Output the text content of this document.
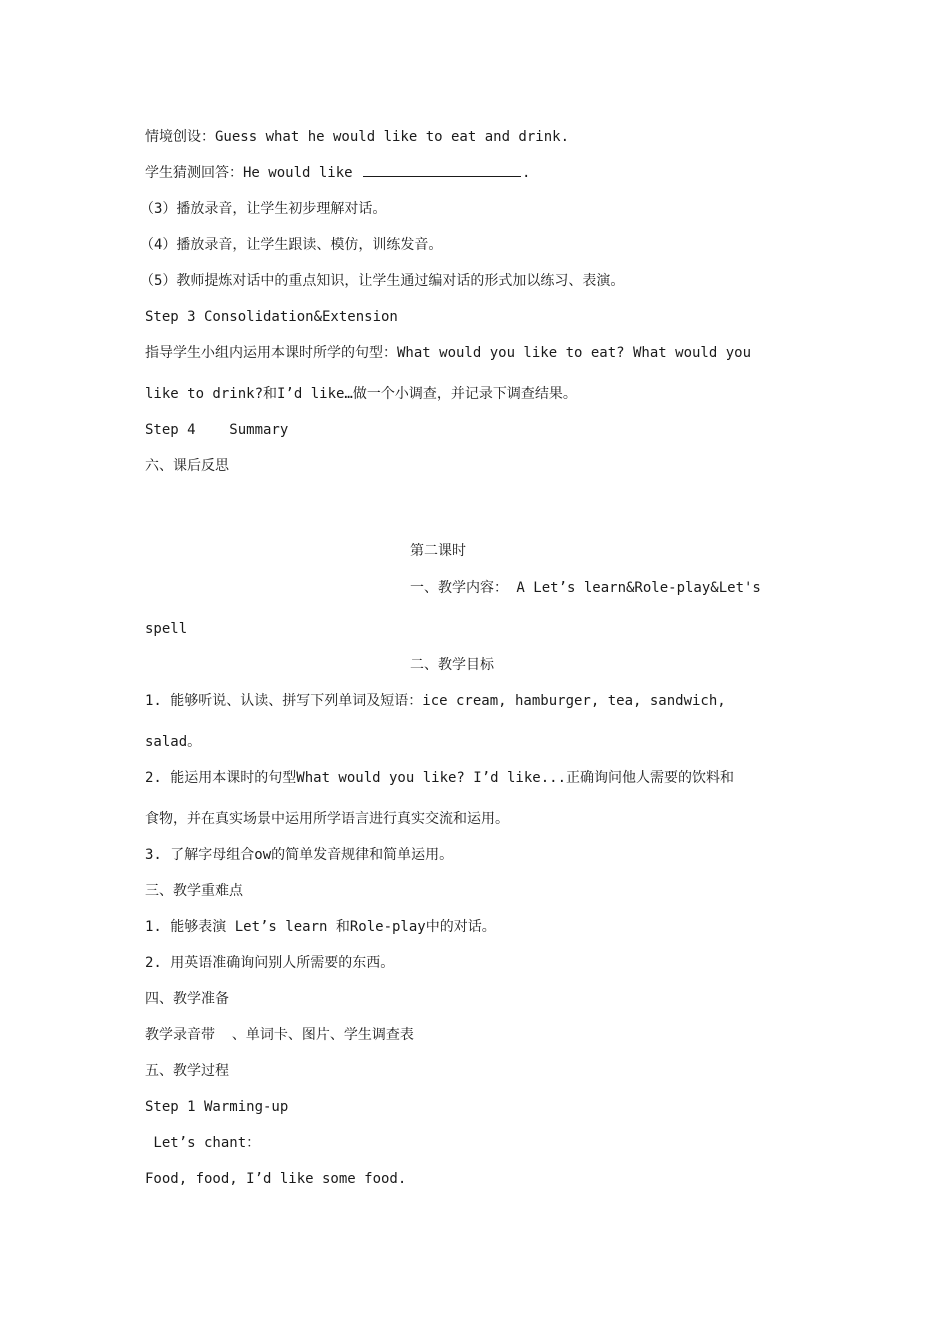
情境创设：Guess what he would like to eat and drink.
学生猜测回答：He would like	.
（3）播放录音，让学生初步理解对话。
（4）播放录音，让学生跟读、模仿，训练发音。
（5）教师提炼对话中的重点知识，让学生通过编对话的形式加以练习、表演。
Step 3 Consolidation&Extension
指导学生小组内运用本课时所学的句型：What would you like to eat? What would you
like to drink?和I’d like…做一个小调查，并记录下调查结果。
Step 4    Summary
六、课后反思
第二课时
一、教学内容： A Let’s learn&Role-play&Let's
spell
二、教学目标
1. 能够听说、认读、拼写下列单词及短语：ice cream, hamburger, tea, sandwich,
salad。
2. 能运用本课时的句型What would you like? I’d like...正确询问他人需要的饮料和
食物，并在真实场景中运用所学语言进行真实交流和运用。
3. 了解字母组合ow的简单发音规律和简单运用。
三、教学重难点
1. 能够表演 Let’s learn 和Role-play中的对话。
2. 用英语准确询问别人所需要的东西。
四、教学准备
教学录音带  、单词卡、图片、学生调查表
五、教学过程
Step 1 Warming-up
Let’s chant：
Food, food, I’d like some food.
